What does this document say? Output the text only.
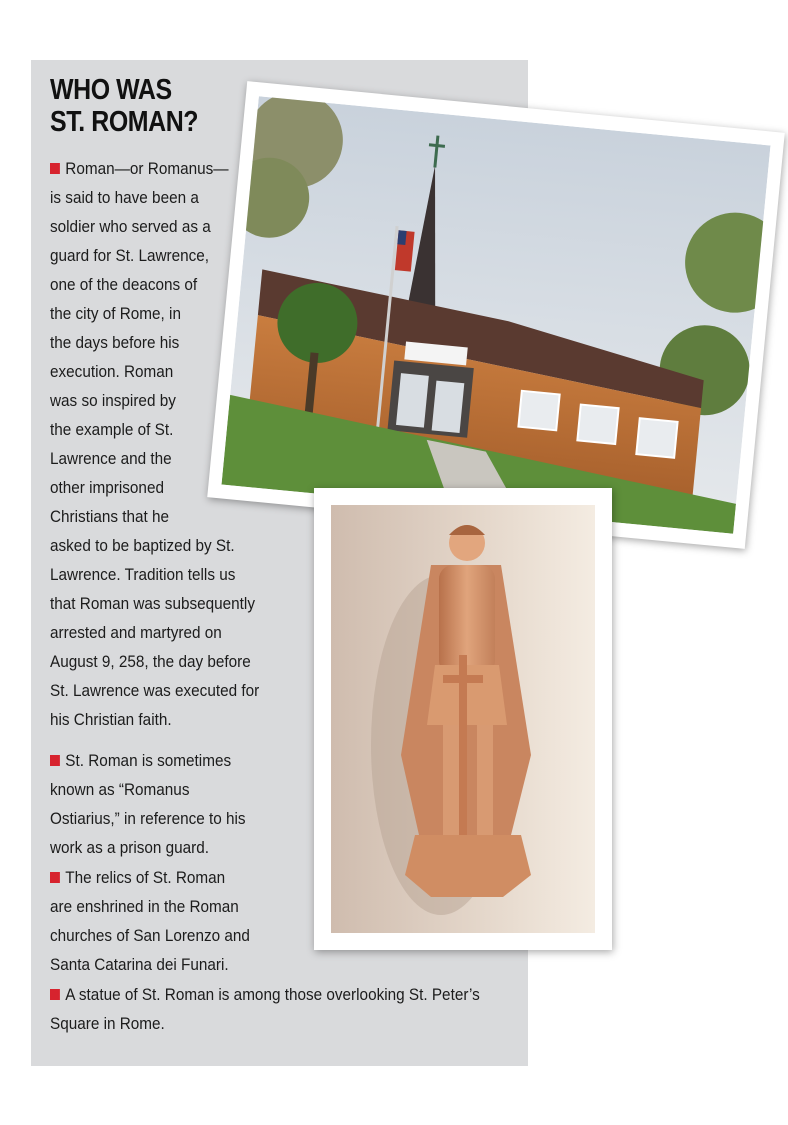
WHO WAS
ST. ROMAN?

Roman—or Romanus—
is said to have been a
soldier who served as a
guard for St. Lawrence,
one of the deacons of
the city of Rome, in
the days before his
execution. Roman
was so inspired by
the example of St.
Lawrence and the
other imprisoned
Christians that he
asked to be baptized by St.
Lawrence. Tradition tells us
that Roman was subsequently
arrested and martyred on
August 9, 258, the day before
St. Lawrence was executed for
his Christian faith.

St. Roman is sometimes
known as “Romanus
Ostiarius,” in reference to his
work as a prison guard.

The relics of St. Roman
are enshrined in the Roman
churches of San Lorenzo and
Santa Catarina dei Funari.

A statue of St. Roman is among those overlooking St. Peter’s
Square in Rome.
